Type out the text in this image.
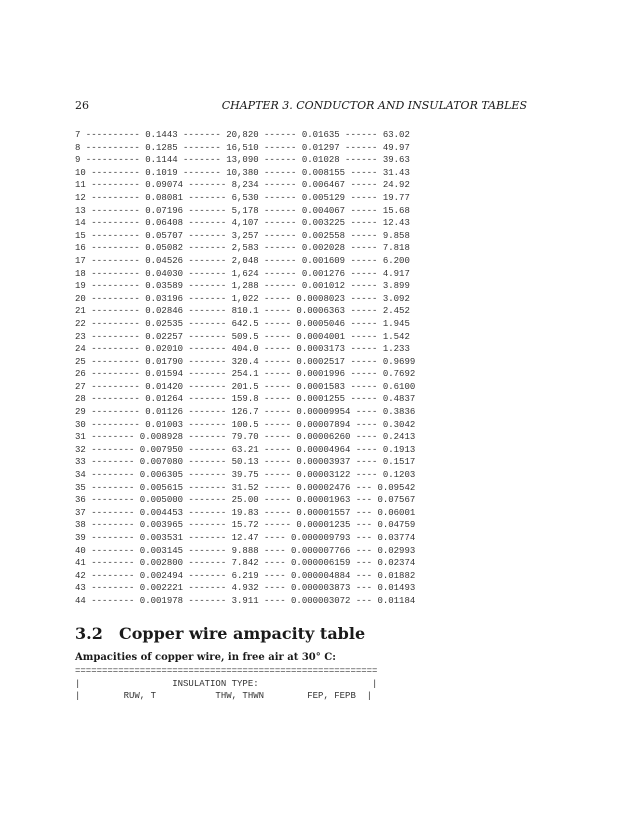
26	CHAPTER 3. CONDUCTOR AND INSULATOR TABLES
7 ---------- 0.1443 ------- 20,820 ------ 0.01635 ------ 63.02
8 ---------- 0.1285 ------- 16,510 ------ 0.01297 ------ 49.97
9 ---------- 0.1144 ------- 13,090 ------ 0.01028 ------ 39.63
10 --------- 0.1019 ------- 10,380 ------ 0.008155 ----- 31.43
11 --------- 0.09074 ------- 8,234 ------ 0.006467 ----- 24.92
12 --------- 0.08081 ------- 6,530 ------ 0.005129 ----- 19.77
13 --------- 0.07196 ------- 5,178 ------ 0.004067 ----- 15.68
14 --------- 0.06408 ------- 4,107 ------ 0.003225 ----- 12.43
15 --------- 0.05707 ------- 3,257 ------ 0.002558 ----- 9.858
16 --------- 0.05082 ------- 2,583 ------ 0.002028 ----- 7.818
17 --------- 0.04526 ------- 2,048 ------ 0.001609 ----- 6.200
18 --------- 0.04030 ------- 1,624 ------ 0.001276 ----- 4.917
19 --------- 0.03589 ------- 1,288 ------ 0.001012 ----- 3.899
20 --------- 0.03196 ------- 1,022 ----- 0.0008023 ----- 3.092
21 --------- 0.02846 ------- 810.1 ----- 0.0006363 ----- 2.452
22 --------- 0.02535 ------- 642.5 ----- 0.0005046 ----- 1.945
23 --------- 0.02257 ------- 509.5 ----- 0.0004001 ----- 1.542
24 --------- 0.02010 ------- 404.0 ----- 0.0003173 ----- 1.233
25 --------- 0.01790 ------- 320.4 ----- 0.0002517 ----- 0.9699
26 --------- 0.01594 ------- 254.1 ----- 0.0001996 ----- 0.7692
27 --------- 0.01420 ------- 201.5 ----- 0.0001583 ----- 0.6100
28 --------- 0.01264 ------- 159.8 ----- 0.0001255 ----- 0.4837
29 --------- 0.01126 ------- 126.7 ----- 0.00009954 ---- 0.3836
30 --------- 0.01003 ------- 100.5 ----- 0.00007894 ---- 0.3042
31 -------- 0.008928 ------- 79.70 ----- 0.00006260 ---- 0.2413
32 -------- 0.007950 ------- 63.21 ----- 0.00004964 ---- 0.1913
33 -------- 0.007080 ------- 50.13 ----- 0.00003937 ---- 0.1517
34 -------- 0.006305 ------- 39.75 ----- 0.00003122 ---- 0.1203
35 -------- 0.005615 ------- 31.52 ----- 0.00002476 --- 0.09542
36 -------- 0.005000 ------- 25.00 ----- 0.00001963 --- 0.07567
37 -------- 0.004453 ------- 19.83 ----- 0.00001557 --- 0.06001
38 -------- 0.003965 ------- 15.72 ----- 0.00001235 --- 0.04759
39 -------- 0.003531 ------- 12.47 ---- 0.000009793 --- 0.03774
40 -------- 0.003145 ------- 9.888 ---- 0.000007766 --- 0.02993
41 -------- 0.002800 ------- 7.842 ---- 0.000006159 --- 0.02374
42 -------- 0.002494 ------- 6.219 ---- 0.000004884 --- 0.01882
43 -------- 0.002221 ------- 4.932 ---- 0.000003873 --- 0.01493
44 -------- 0.001978 ------- 3.911 ---- 0.000003072 --- 0.01184
3.2 Copper wire ampacity table
Ampacities of copper wire, in free air at 30° C:
========================================================
|                 INSULATION TYPE:                     |
|        RUW, T           THW, THWN        FEP, FEPB  |
